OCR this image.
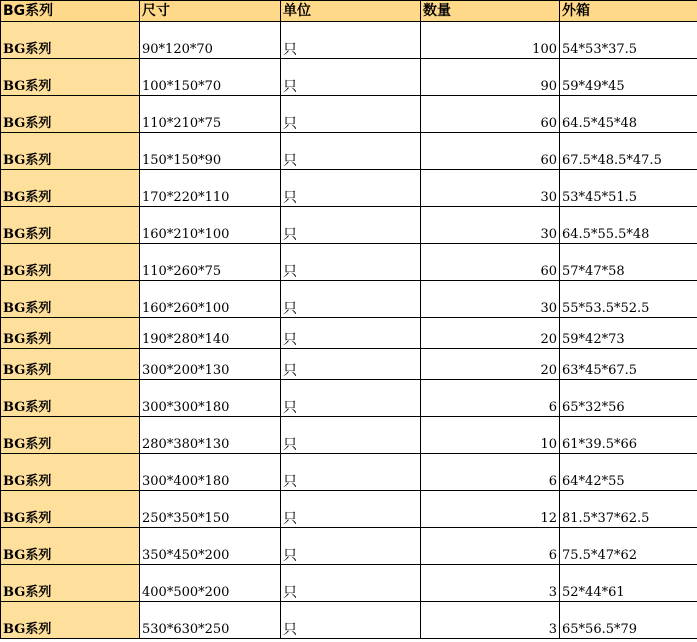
BG系列	尺寸	单位	数量	外箱
BG系列	90*120*70	只	100	54*53*37.5
BG系列	100*150*70	只	90	59*49*45
BG系列	110*210*75	只	60	64.5*45*48
BG系列	150*150*90	只	60	67.5*48.5*47.5
BG系列	170*220*110	只	30	53*45*51.5
BG系列	160*210*100	只	30	64.5*55.5*48
BG系列	110*260*75	只	60	57*47*58
BG系列	160*260*100	只	30	55*53.5*52.5
BG系列	190*280*140	只	20	59*42*73
BG系列	300*200*130	只	20	63*45*67.5
BG系列	300*300*180	只	6	65*32*56
BG系列	280*380*130	只	10	61*39.5*66
BG系列	300*400*180	只	6	64*42*55
BG系列	250*350*150	只	12	81.5*37*62.5
BG系列	350*450*200	只	6	75.5*47*62
BG系列	400*500*200	只	3	52*44*61
BG系列	530*630*250	只	3	65*56.5*79
